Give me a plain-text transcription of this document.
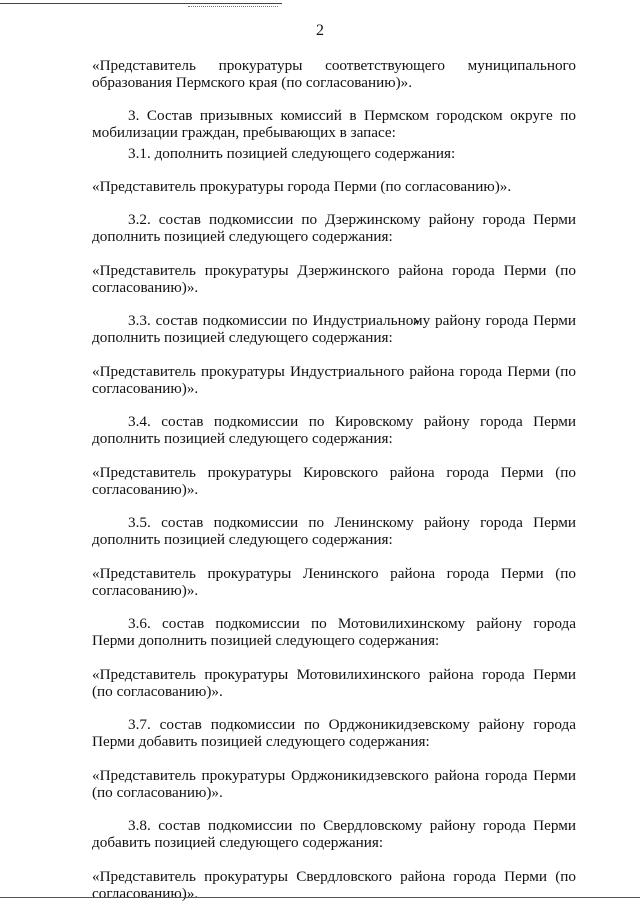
2

«Представитель прокуратуры соответствующего муниципального образования Пермского края (по согласованию)».

3. Состав призывных комиссий в Пермском городском округе по мобилизации граждан, пребывающих в запасе:

3.1. дополнить позицией следующего содержания:

«Представитель прокуратуры города Перми (по согласованию)».

3.2. состав подкомиссии по Дзержинскому району города Перми дополнить позицией следующего содержания:

«Представитель прокуратуры Дзержинского района города Перми (по согласованию)».

3.3. состав подкомиссии по Индустриальному району города Перми дополнить позицией следующего содержания:

«Представитель прокуратуры Индустриального района города Перми (по согласованию)».

3.4. состав подкомиссии по Кировскому району города Перми дополнить позицией следующего содержания:

«Представитель прокуратуры Кировского района города Перми (по согласованию)».

3.5. состав подкомиссии по Ленинскому району города Перми дополнить позицией следующего содержания:

«Представитель прокуратуры Ленинского района города Перми (по согласованию)».

3.6. состав подкомиссии по Мотовилихинскому району города Перми дополнить позицией следующего содержания:

«Представитель прокуратуры Мотовилихинского района города Перми (по согласованию)».

3.7. состав подкомиссии по Орджоникидзевскому району города Перми добавить позицией следующего содержания:

«Представитель прокуратуры Орджоникидзевского района города Перми (по согласованию)».

3.8. состав подкомиссии по Свердловскому району города Перми добавить позицией следующего содержания:

«Представитель прокуратуры Свердловского района города Перми (по согласованию)».
